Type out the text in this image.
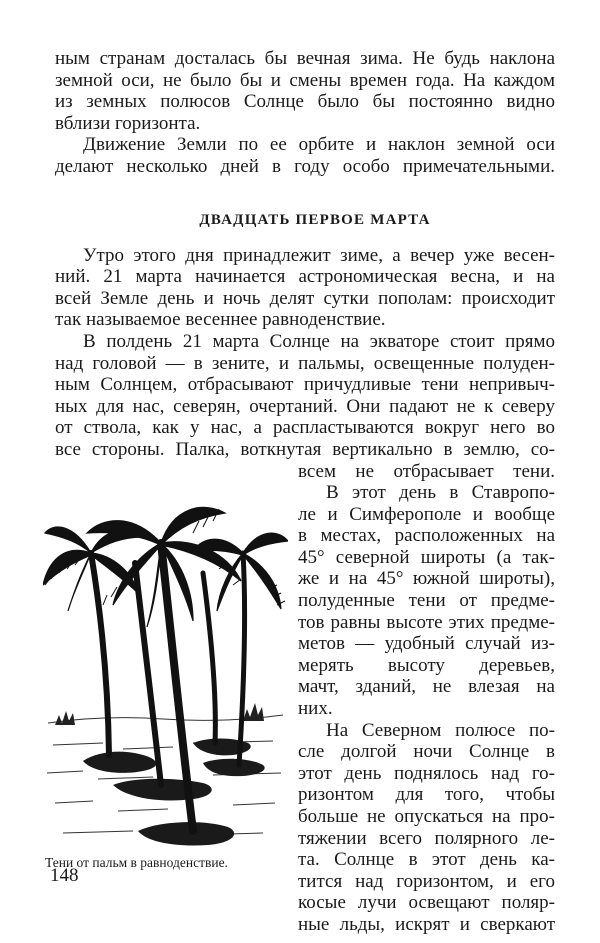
ным странам досталась бы вечная зима. Не будь наклона
земной оси, не было бы и смены времен года. На каждом
из земных полюсов Солнце было бы постоянно видно
вблизи горизонта.
Движение Земли по ее орбите и наклон земной оси
делают несколько дней в году особо примечательными.
ДВАДЦАТЬ ПЕРВОЕ МАРТА
Утро этого дня принадлежит зиме, а вечер уже весен-
ний. 21 марта начинается астрономическая весна, и на
всей Земле день и ночь делят сутки пополам: происходит
так называемое весеннее равноденствие.
В полдень 21 марта Солнце на экваторе стоит прямо
над головой — в зените, и пальмы, освещенные полуден-
ным Солнцем, отбрасывают причудливые тени непривыч-
ных для нас, северян, очертаний. Они падают не к северу
от ствола, как у нас, а распластываются вокруг него во
все стороны. Палка, воткнутая вертикально в землю, со-
Тени от пальм в равноденствие.
всем не отбрасывает тени.
В этот день в Ставропо-
ле и Симферополе и вообще
в местах, расположенных на
45° северной широты (а так-
же и на 45° южной широты),
полуденные тени от предме-
тов равны высоте этих предме-
метов — удобный случай из-
мерять высоту деревьев,
мачт, зданий, не влезая на
них.
На Северном полюсе по-
сле долгой ночи Солнце в
этот день поднялось над го-
ризонтом для того, чтобы
больше не опускаться на про-
тяжении всего полярного ле-
та. Солнце в этот день ка-
тится над горизонтом, и его
косые лучи освещают поляр-
ные льды, искрят и сверкают
148
